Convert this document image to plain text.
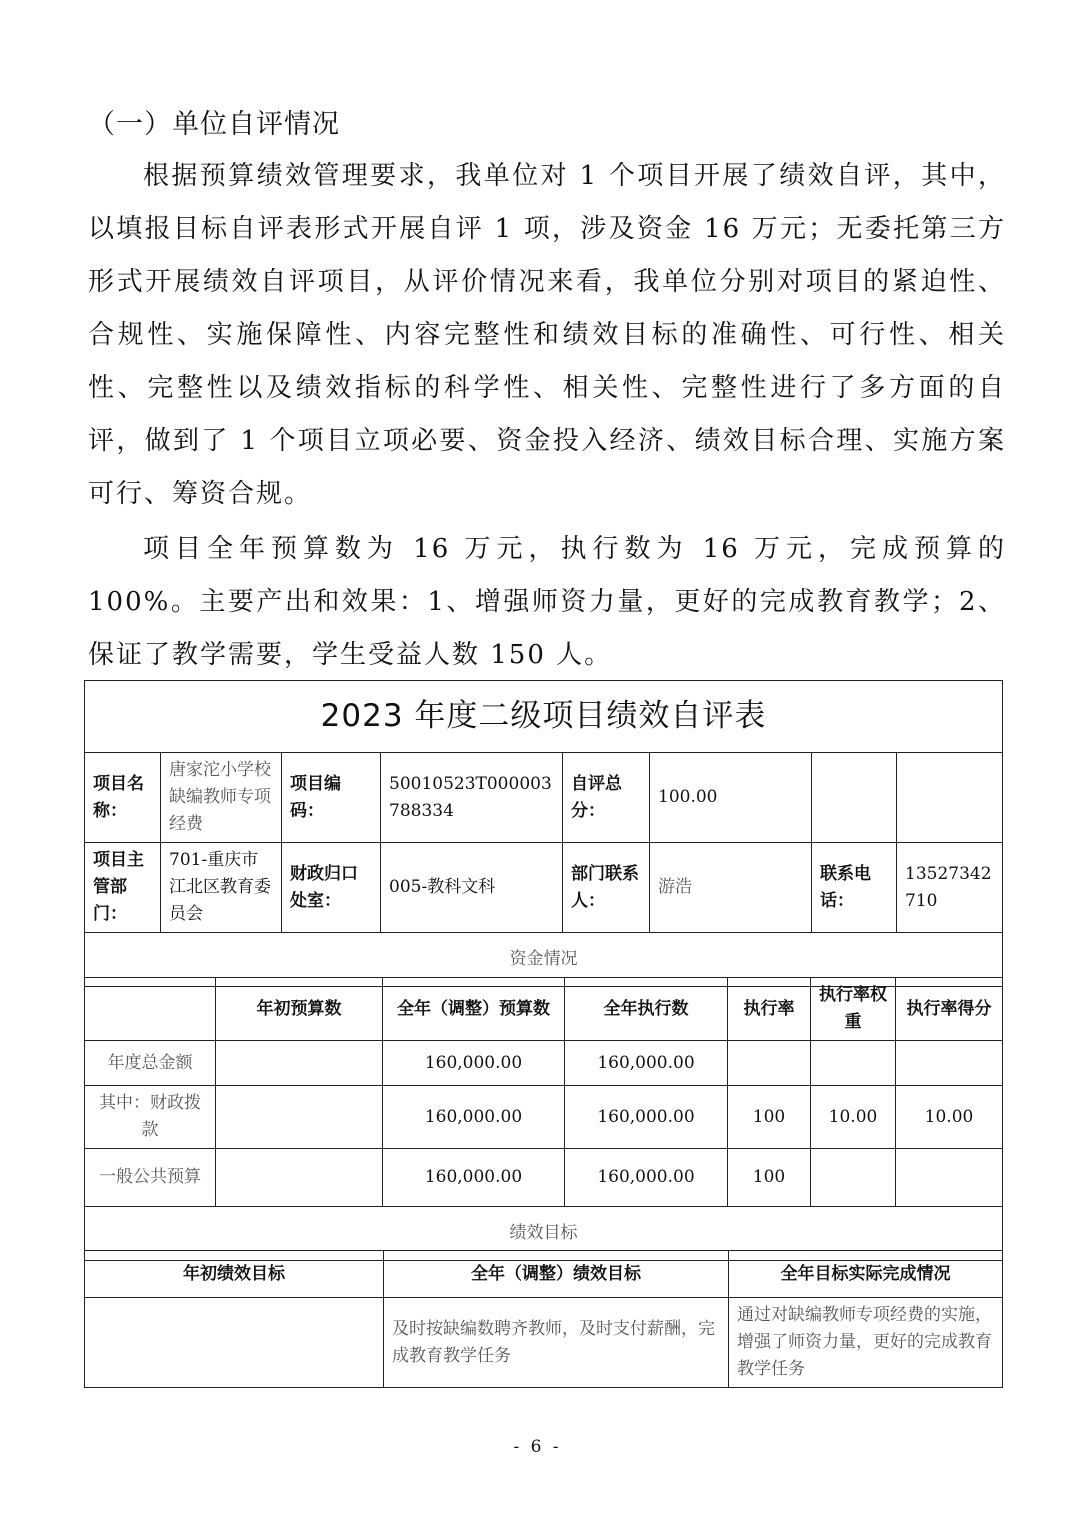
（一）单位自评情况

根据预算绩效管理要求，我单位对 1 个项目开展了绩效自评，其中，以填报目标自评表形式开展自评 1 项，涉及资金 16 万元；无委托第三方形式开展绩效自评项目，从评价情况来看，我单位分别对项目的紧迫性、合规性、实施保障性、内容完整性和绩效目标的准确性、可行性、相关性、完整性以及绩效指标的科学性、相关性、完整性进行了多方面的自评，做到了 1 个项目立项必要、资金投入经济、绩效目标合理、实施方案可行、筹资合规。

项目全年预算数为 16 万元，执行数为 16 万元，完成预算的 100%。主要产出和效果：1、增强师资力量，更好的完成教育教学；2、保证了教学需要，学生受益人数 150 人。

2023 年度二级项目绩效自评表							
项目名称：	唐家沱小学校缺编教师专项经费	项目编码：	50010523T000003788334	自评总分：	100.00		
项目主管部门：	701-重庆市江北区教育委员会	财政归口处室：	005-教科文科	部门联系人：	游浩	联系电话：	13527342710
资金情况							
	年初预算数	全年（调整）预算数	全年执行数	执行率	执行率权重	执行率得分
年度总金额		160,000.00	160,000.00			
其中：财政拨款		160,000.00	160,000.00	100	10.00	10.00
一般公共预算		160,000.00	160,000.00	100		
绩效目标						
年初绩效目标	全年（调整）绩效目标	全年目标实际完成情况
	及时按缺编数聘齐教师，及时支付薪酬，完成教育教学任务	通过对缺编教师专项经费的实施，增强了师资力量，更好的完成教育教学任务
- 6 -
